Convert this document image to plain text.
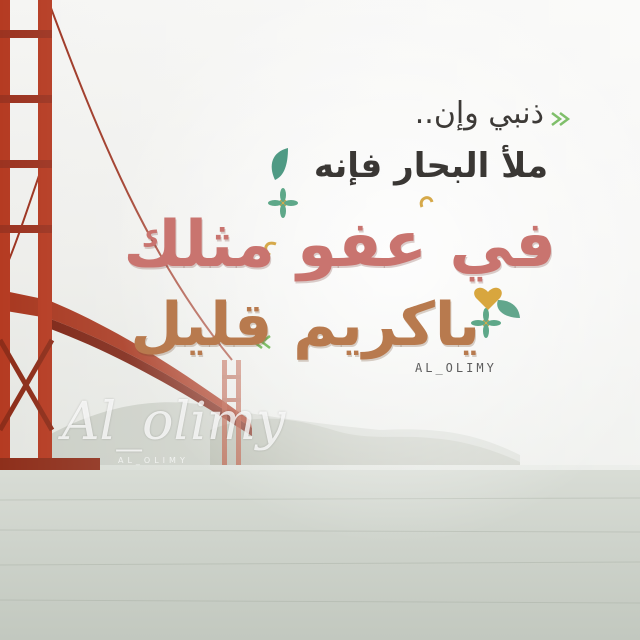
ذنبي وإن..
ملأ البحار فإنه
في عفو مثلك
ياكريم قليل
AL_OLIMY
Al_olimy
AL_OLIMY
